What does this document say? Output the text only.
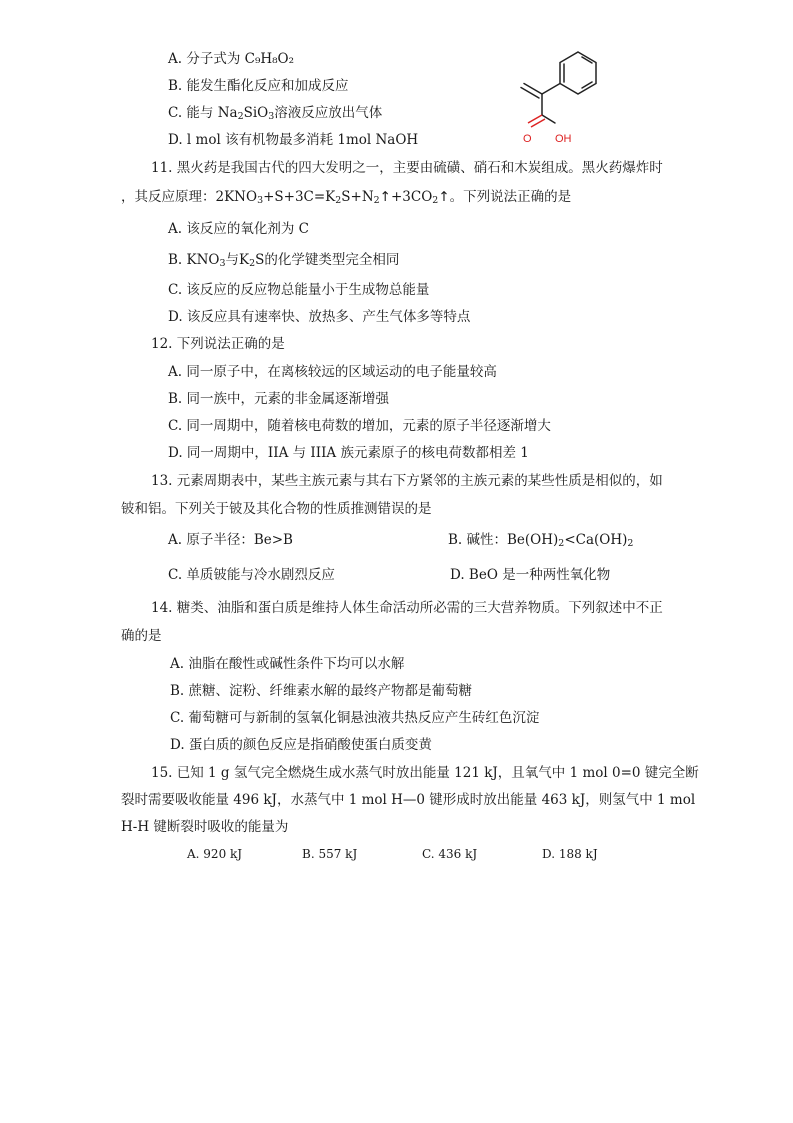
A. 分子式为 C₉H₈O₂
B. 能发生酯化反应和加成反应
C. 能与 $Na_2SiO_3$溶液反应放出气体
D. l mol 该有机物最多消耗 1mol NaOH	O OH
11. 黑火药是我国古代的四大发明之一，主要由硫磺、硝石和木炭组成。黑火药爆炸时
，其反应原理：$2KNO_3+S+3C=K_2S+N_2↑+3CO_2↑$。下列说法正确的是
A. 该反应的氧化剂为 C
B. $KNO_3$与$K_2S$的化学键类型完全相同
C. 该反应的反应物总能量小于生成物总能量
D. 该反应具有速率快、放热多、产生气体多等特点
12. 下列说法正确的是
A. 同一原子中，在离核较远的区域运动的电子能量较高
B. 同一族中，元素的非金属逐渐增强
C. 同一周期中，随着核电荷数的增加，元素的原子半径逐渐增大
D. 同一周期中，IIA 与 IIIA 族元素原子的核电荷数都相差 1
13. 元素周期表中，某些主族元素与其右下方紧邻的主族元素的某些性质是相似的，如
铍和铝。下列关于铍及其化合物的性质推测错误的是
A. 原子半径：Be>B	B. 碱性：$Be(OH)_2<Ca(OH)_2$
C. 单质铍能与冷水剧烈反应	D. BeO 是一种两性氧化物
14. 糖类、油脂和蛋白质是维持人体生命活动所必需的三大营养物质。下列叙述中不正
确的是
A. 油脂在酸性或碱性条件下均可以水解
B. 蔗糖、淀粉、纤维素水解的最终产物都是葡萄糖
C. 葡萄糖可与新制的氢氧化铜悬浊液共热反应产生砖红色沉淀
D. 蛋白质的颜色反应是指硝酸使蛋白质变黄
15. 已知 1 g 氢气完全燃烧生成水蒸气时放出能量 121 kJ，且氧气中 1 mol 0=0 键完全断
裂时需要吸收能量 496 kJ，水蒸气中 1 mol H—0 键形成时放出能量 463 kJ，则氢气中 1 mol
H-H 键断裂时吸收的能量为
A. 920 kJ	B. 557 kJ	C. 436 kJ	D. 188 kJ
